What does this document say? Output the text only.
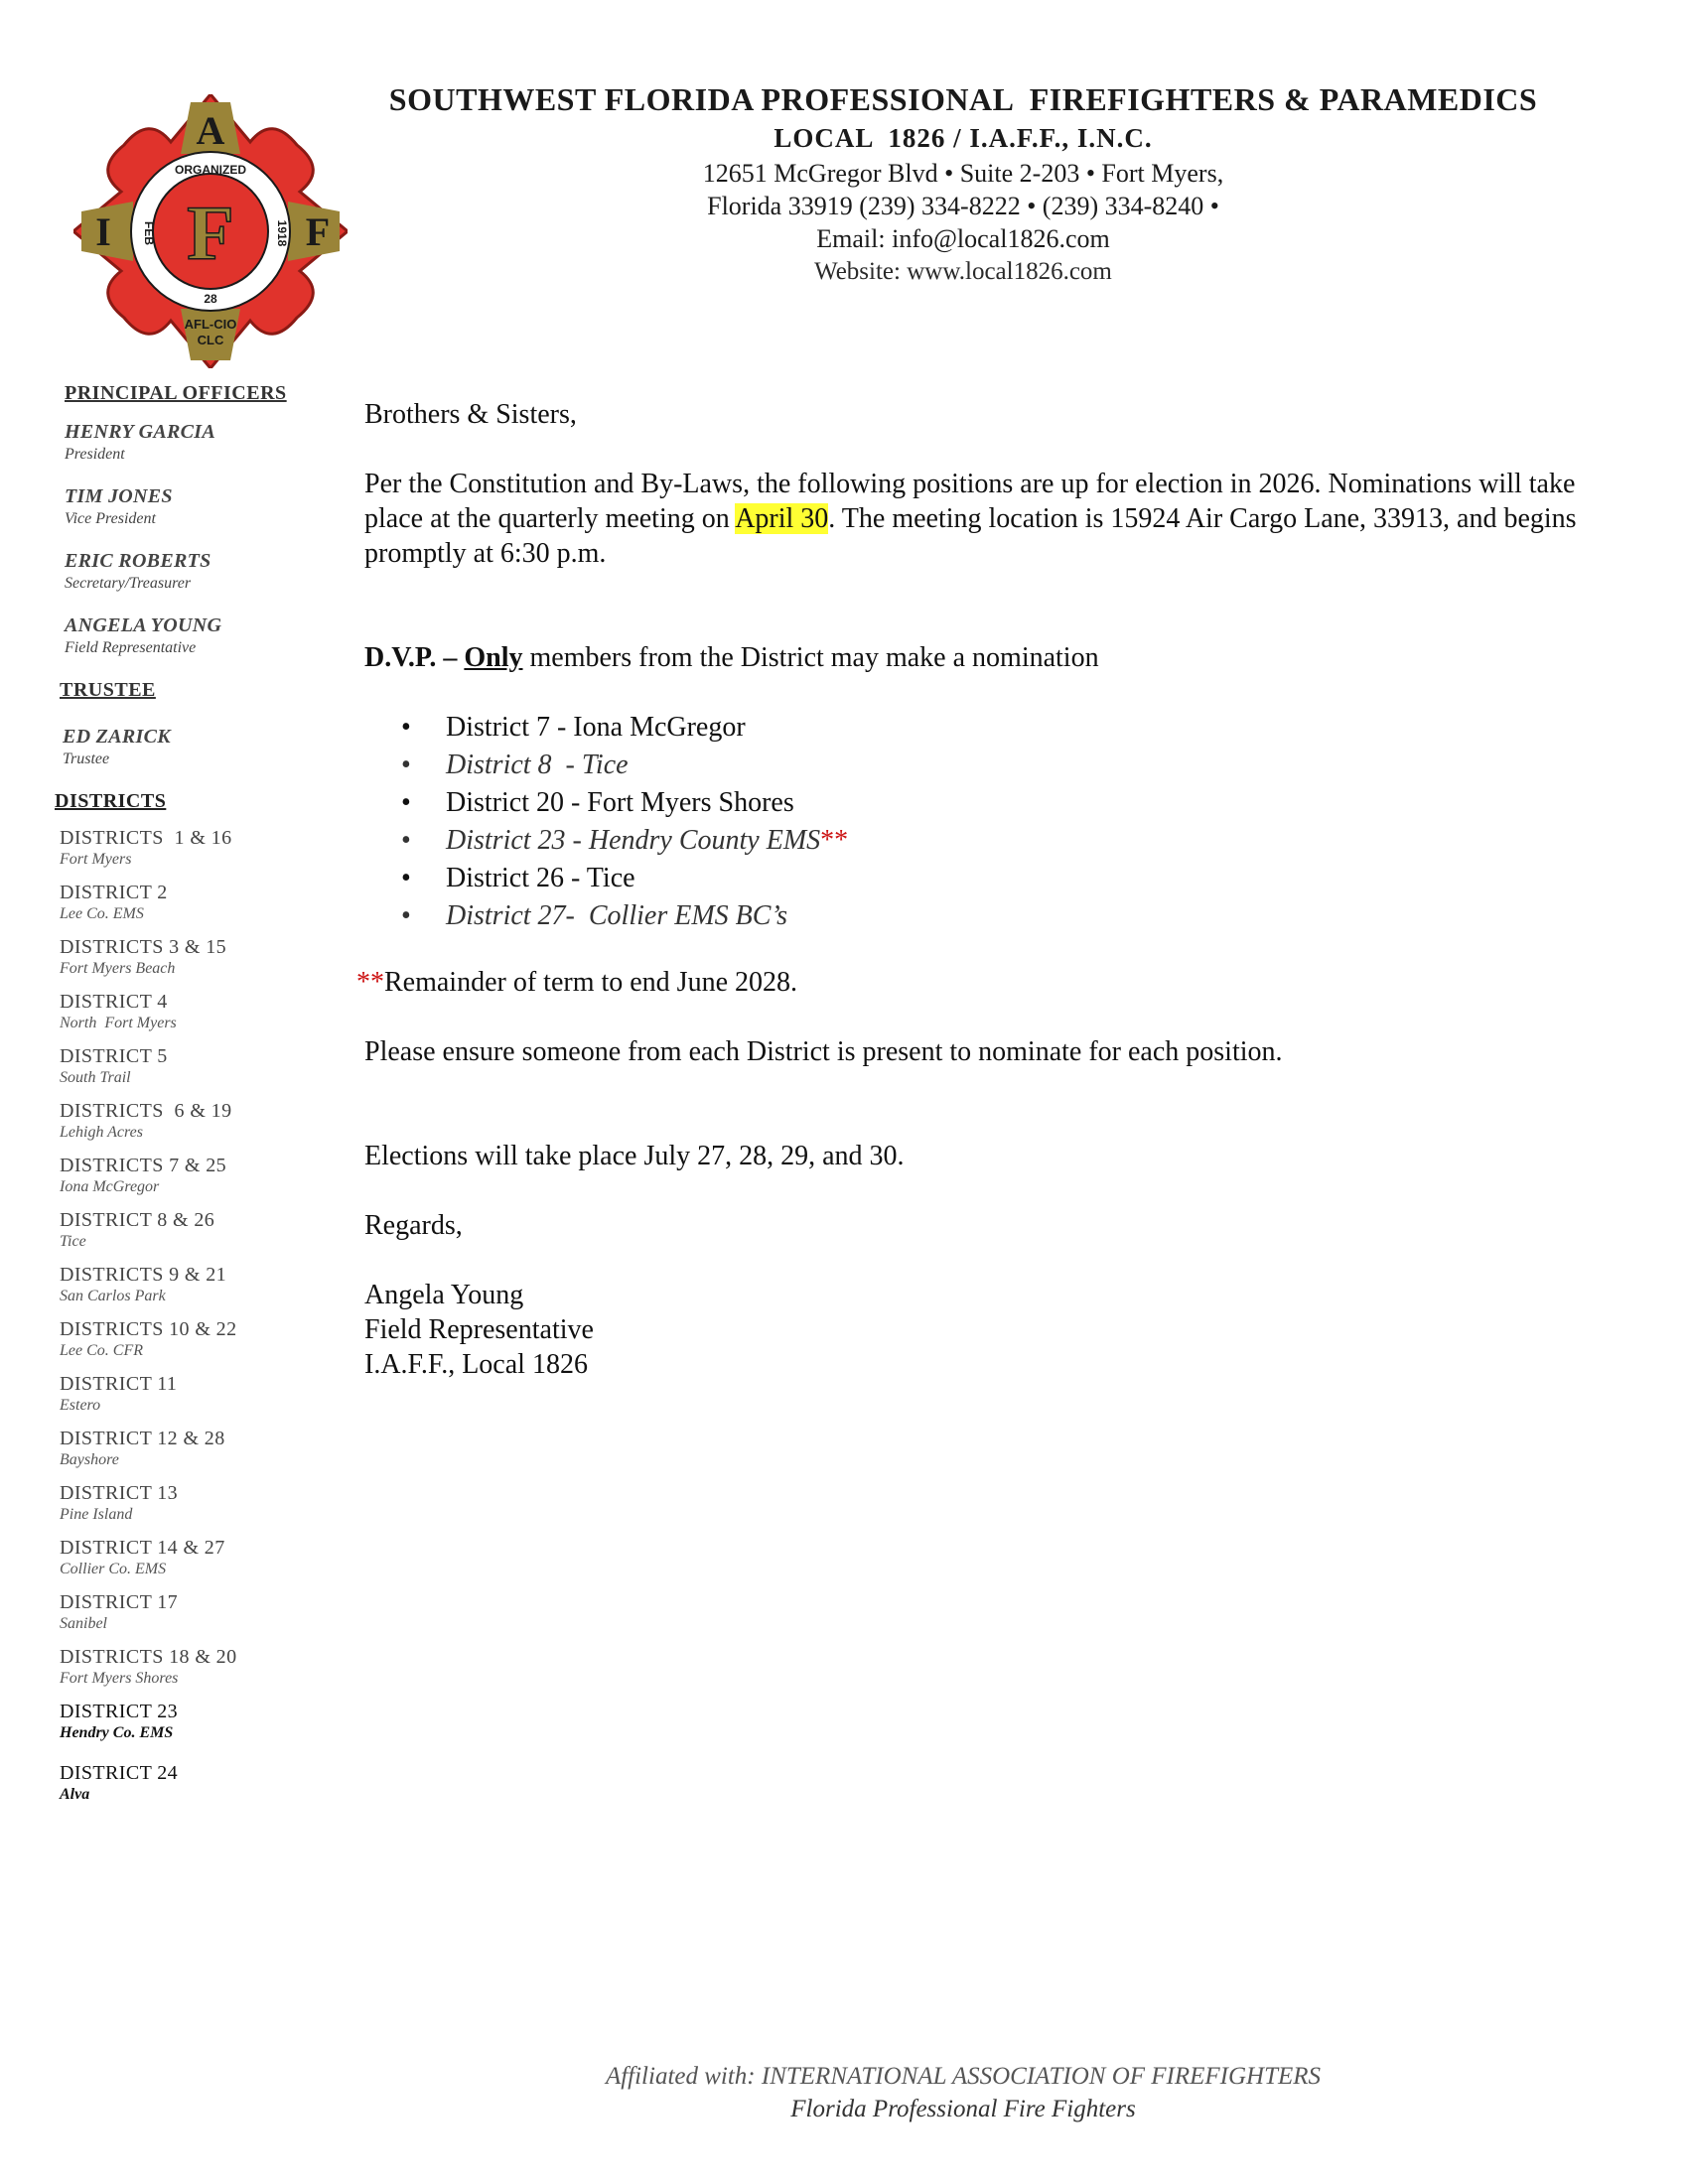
A
I	F
F
ORGANIZED
FEB	1918
28
AFL-CIO
CLC
SOUTHWEST FLORIDA PROFESSIONAL  FIREFIGHTERS & PARAMEDICS
LOCAL  1826 / I.A.F.F., I.N.C.
12651 McGregor Blvd • Suite 2-203 • Fort Myers,
Florida 33919 (239) 334-8222 • (239) 334-8240 •
Email: info@local1826.com
Website: www.local1826.com
PRINCIPAL OFFICERS
HENRY GARCIA
President
TIM JONES
Vice President
ERIC ROBERTS
Secretary/Treasurer
ANGELA YOUNG
Field Representative
TRUSTEE
ED ZARICK
Trustee
DISTRICTS
DISTRICTS  1 & 16
Fort Myers
DISTRICT 2
Lee Co. EMS
DISTRICTS 3 & 15
Fort Myers Beach
DISTRICT 4
North  Fort Myers
DISTRICT 5
South Trail
DISTRICTS  6 & 19
Lehigh Acres
DISTRICTS 7 & 25
Iona McGregor
DISTRICT 8 & 26
Tice
DISTRICTS 9 & 21
San Carlos Park
DISTRICTS 10 & 22
Lee Co. CFR
DISTRICT 11
Estero
DISTRICT 12 & 28
Bayshore
DISTRICT 13
Pine Island
DISTRICT 14 & 27
Collier Co. EMS
DISTRICT 17
Sanibel
DISTRICTS 18 & 20
Fort Myers Shores
DISTRICT 23
Hendry Co. EMS
DISTRICT 24
Alva

Brothers & Sisters,

Per the Constitution and By-Laws, the following positions are up for election in 2026. Nominations will take place at the quarterly meeting on April 30. The meeting location is 15924 Air Cargo Lane, 33913, and begins promptly at 6:30 p.m.

D.V.P. – Only members from the District may make a nomination

• District 7 - Iona McGregor
• District 8  - Tice
• District 20 - Fort Myers Shores
• District 23 - Hendry County EMS**
• District 26 - Tice
• District 27-  Collier EMS BC’s

**Remainder of term to end June 2028.

Please ensure someone from each District is present to nominate for each position.

Elections will take place July 27, 28, 29, and 30.

Regards,

Angela Young

Field Representative

I.A.F.F., Local 1826

Affiliated with: INTERNATIONAL ASSOCIATION OF FIREFIGHTERS
Florida Professional Fire Fighters
